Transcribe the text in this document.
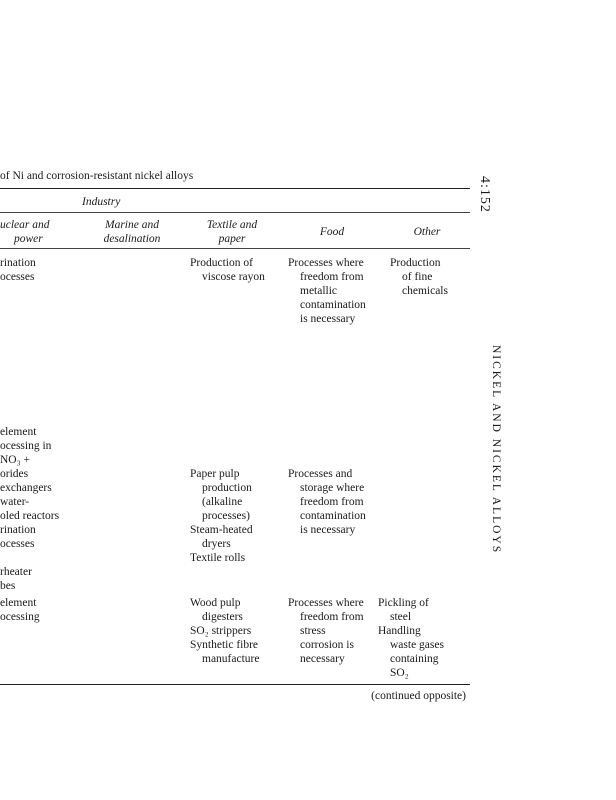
of Ni and corrosion-resistant nickel alloys
Industry
uclear and
power
Marine and
desalination
Textile and
paper
Food	Other
rination
ocesses
Production of
viscose rayon
Processes where
freedom from
metallic
contamination
is necessary
Production
of fine
chemicals
element
ocessing in
NO₃ +
orides
exchangers
water-
oled reactors
rination
ocesses
rheater
bes
Paper pulp
production
(alkaline
processes)
Steam-heated
dryers
Textile rolls
Processes and
storage where
freedom from
contamination
is necessary
element
ocessing
Wood pulp
digesters
SO₂ strippers
Synthetic fibre
manufacture
Processes where
freedom from
stress
corrosion is
necessary
Pickling of
steel
Handling
waste gases
containing
SO₂
4:152
NICKEL AND NICKEL ALLOYS
(continued opposite)
